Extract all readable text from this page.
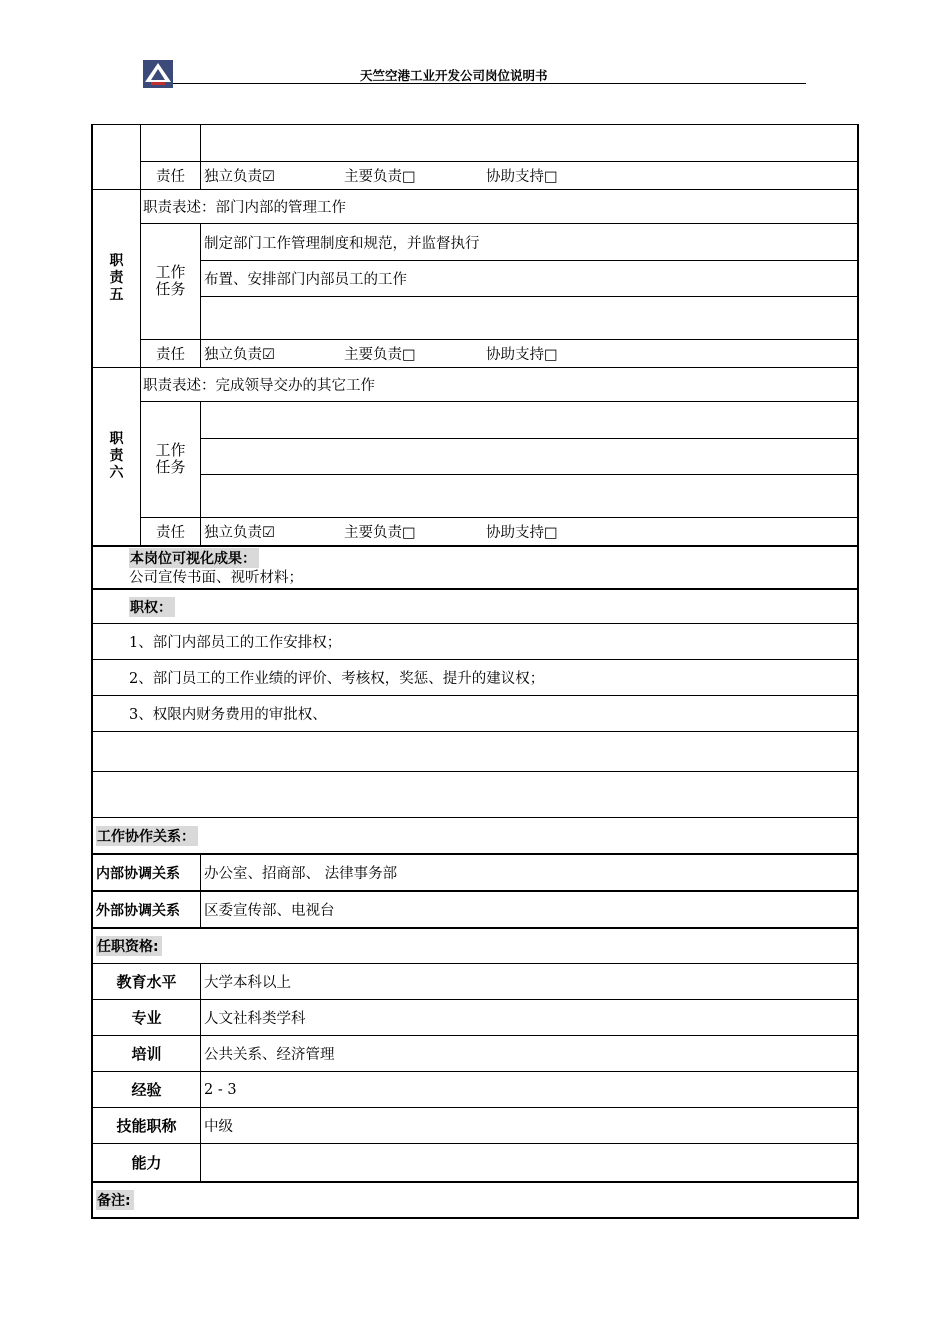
天竺空港工业开发公司岗位说明书
责任	独立负责☑	主要负责□	协助支持□
职责五
职责表述：部门内部的管理工作
工作任务
制定部门工作管理制度和规范，并监督执行
布置、安排部门内部员工的工作
责任	独立负责☑	主要负责□	协助支持□
职责六
职责表述：完成领导交办的其它工作
工作任务
责任	独立负责☑	主要负责□	协助支持□
本岗位可视化成果：
公司宣传书面、视听材料；
职权：
1、部门内部员工的工作安排权；
2、部门员工的工作业绩的评价、考核权，奖惩、提升的建议权；
3、权限内财务费用的审批权、
工作协作关系：
内部协调关系	办公室、招商部、 法律事务部
外部协调关系	区委宣传部、电视台
任职资格:
教育水平	大学本科以上
专业	人文社科类学科
培训	公共关系、经济管理
经验	2 - 3
技能职称	中级
能力
备注:
